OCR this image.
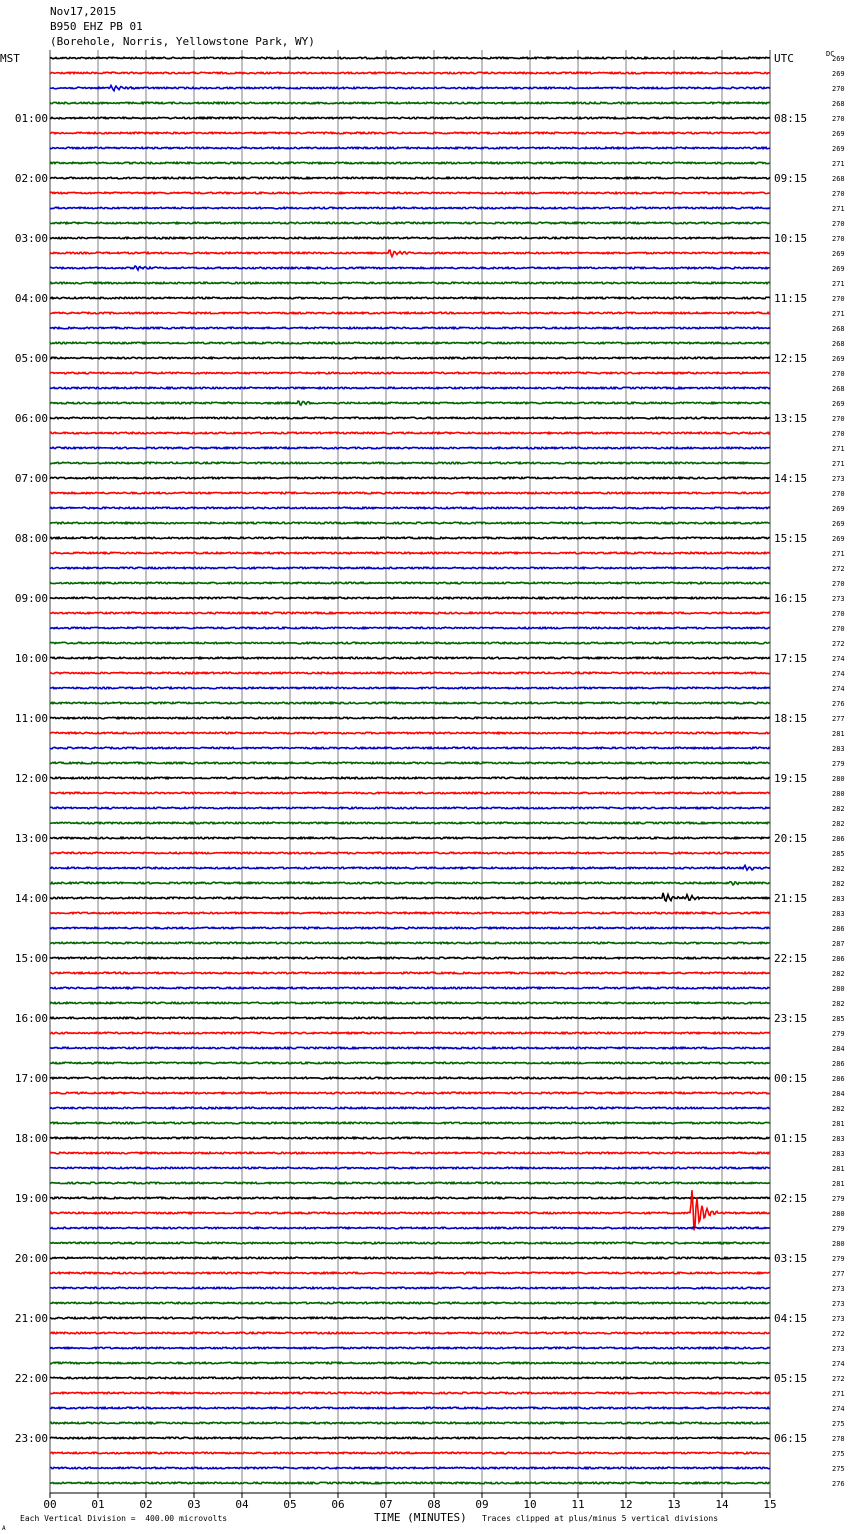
Nov17,2015
B950 EHZ PB 01
(Borehole, Norris, Yellowstone Park, WY)
269
269
270
268
270
269
269
271
268
270
271
270
270
269
269
271
270
271
268
268
269
270
268
269
270
270
271
271
273
270
269
269
269
271
272
270
273
270
270
272
274
274
274
276
277
281
283
279
280
280
282
282
286
285
282
282
283
283
286
287
286
282
280
282
285
279
284
286
286
284
282
281
283
283
281
281
279
280
279
280
279
277
273
273
273
272
273
274
272
271
274
275
278
275
275
276
UTC
01:00	08:15
02:00	09:15
03:00	10:15
04:00	11:15
05:00	12:15
06:00	13:15
07:00	14:15
08:00	15:15
09:00	16:15
10:00	17:15
11:00	18:15
12:00	19:15
13:00	20:15
14:00	21:15
15:00	22:15
16:00	23:15
17:00	00:15
18:00	01:15
19:00	02:15
20:00	03:15
21:00	04:15
22:00	05:15
23:00	06:15
MST	DC
00	01	02	03	04	05	06	07	08	09	10	11	12	13	14	15
A
Each Vertical Division =  400.00 microvolts	TIME (MINUTES) Traces clipped at plus/minus 5 vertical divisions
